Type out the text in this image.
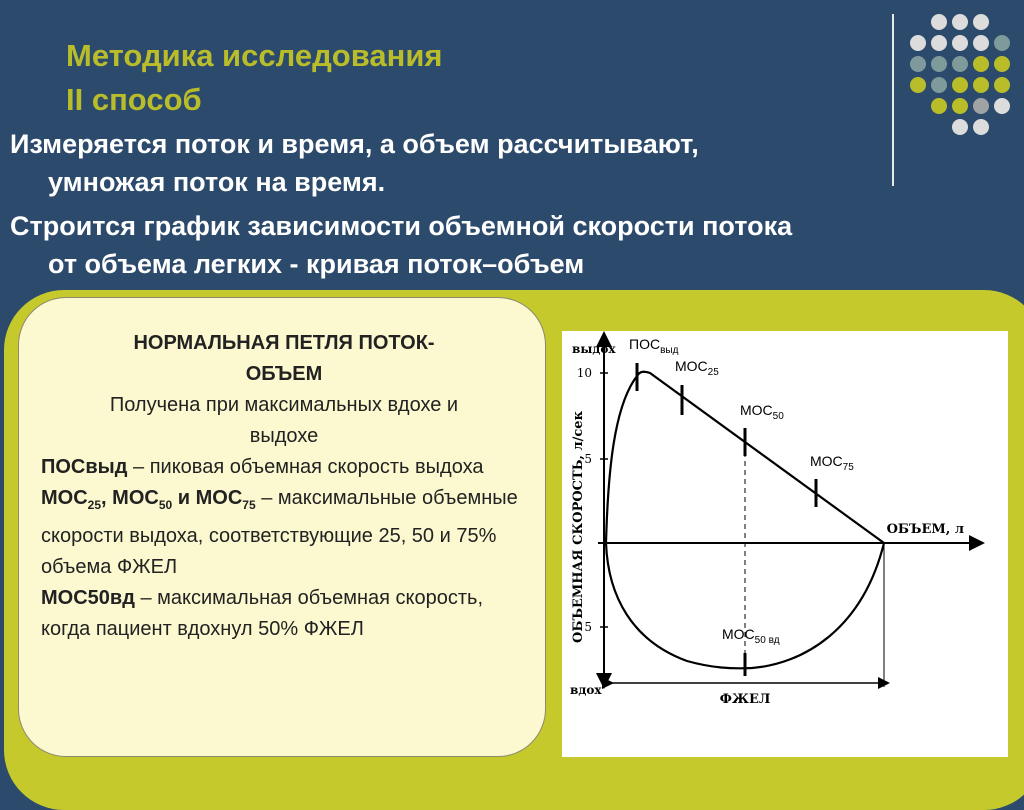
Методика исследования
II способ

Измеряется поток и время, а объем рассчитывают,
умножая поток на время.

Строится график зависимости объемной скорости потока
от объема легких - кривая поток–объем

НОРМАЛЬНАЯ ПЕТЛЯ ПОТОК-
ОБЪЕМ

Получена при максимальных вдохе и
выдохе

ПОСвыд – пиковая объемная скорость выдоха

$МОС_{25}$, $МОС_{50}$ и $МОС_{75}$ – максимальные объемные скорости выдоха, соответствующие 25, 50 и 75% объема ФЖЕЛ

МОС50вд – максимальная объемная скорость, когда пациент вдохнул 50% ФЖЕЛ

10
5
5
выдох
вдох
ОБЪЕМНАЯ СКОРОСТЬ, л/сек	ОБЪЕМ, л
ФЖЕЛ
$ПОС_{выд}$
$МОС_{25}$
$МОС_{50}$
$МОС_{75}$
$МОС_{50 вд}$
